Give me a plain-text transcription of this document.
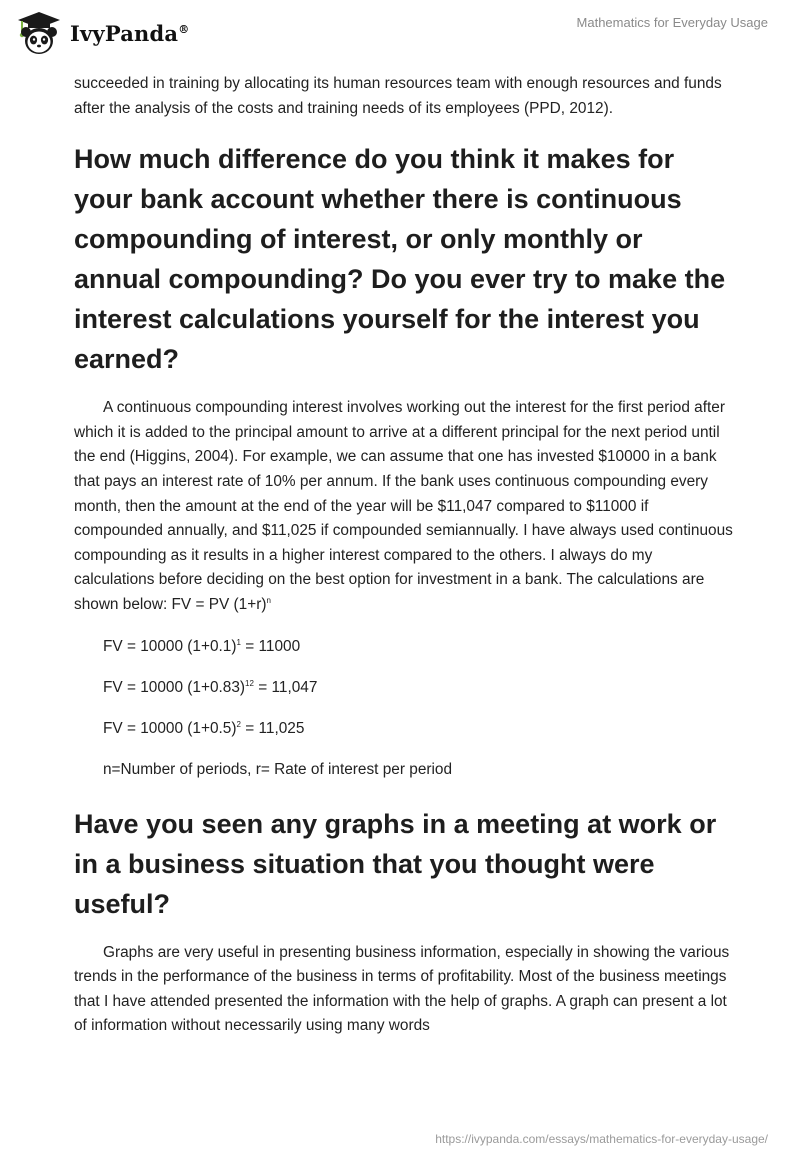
IvyPanda®	Mathematics for Everyday Usage

succeeded in training by allocating its human resources team with enough resources and funds after the analysis of the costs and training needs of its employees (PPD, 2012).

How much difference do you think it makes for your bank account whether there is continuous compounding of interest, or only monthly or annual compounding? Do you ever try to make the interest calculations yourself for the interest you earned?

A continuous compounding interest involves working out the interest for the first period after which it is added to the principal amount to arrive at a different principal for the next period until the end (Higgins, 2004). For example, we can assume that one has invested $10000 in a bank that pays an interest rate of 10% per annum. If the bank uses continuous compounding every month, then the amount at the end of the year will be $11,047 compared to $11000 if compounded annually, and $11,025 if compounded semiannually. I have always used continuous compounding as it results in a higher interest compared to the others. I always do my calculations before deciding on the best option for investment in a bank. The calculations are shown below: FV = PV $(1+r)^n$

FV = 10000 $(1+0.1)^1 = 11000$

FV = 10000 $(1+0.83)^{12} = 11,047$

FV = 10000 $(1+0.5)^2 = 11,025$

n=Number of periods, r= Rate of interest per period

Have you seen any graphs in a meeting at work or in a business situation that you thought were useful?

Graphs are very useful in presenting business information, especially in showing the various trends in the performance of the business in terms of profitability. Most of the business meetings that I have attended presented the information with the help of graphs. A graph can present a lot of information without necessarily using many words

https://ivypanda.com/essays/mathematics-for-everyday-usage/
